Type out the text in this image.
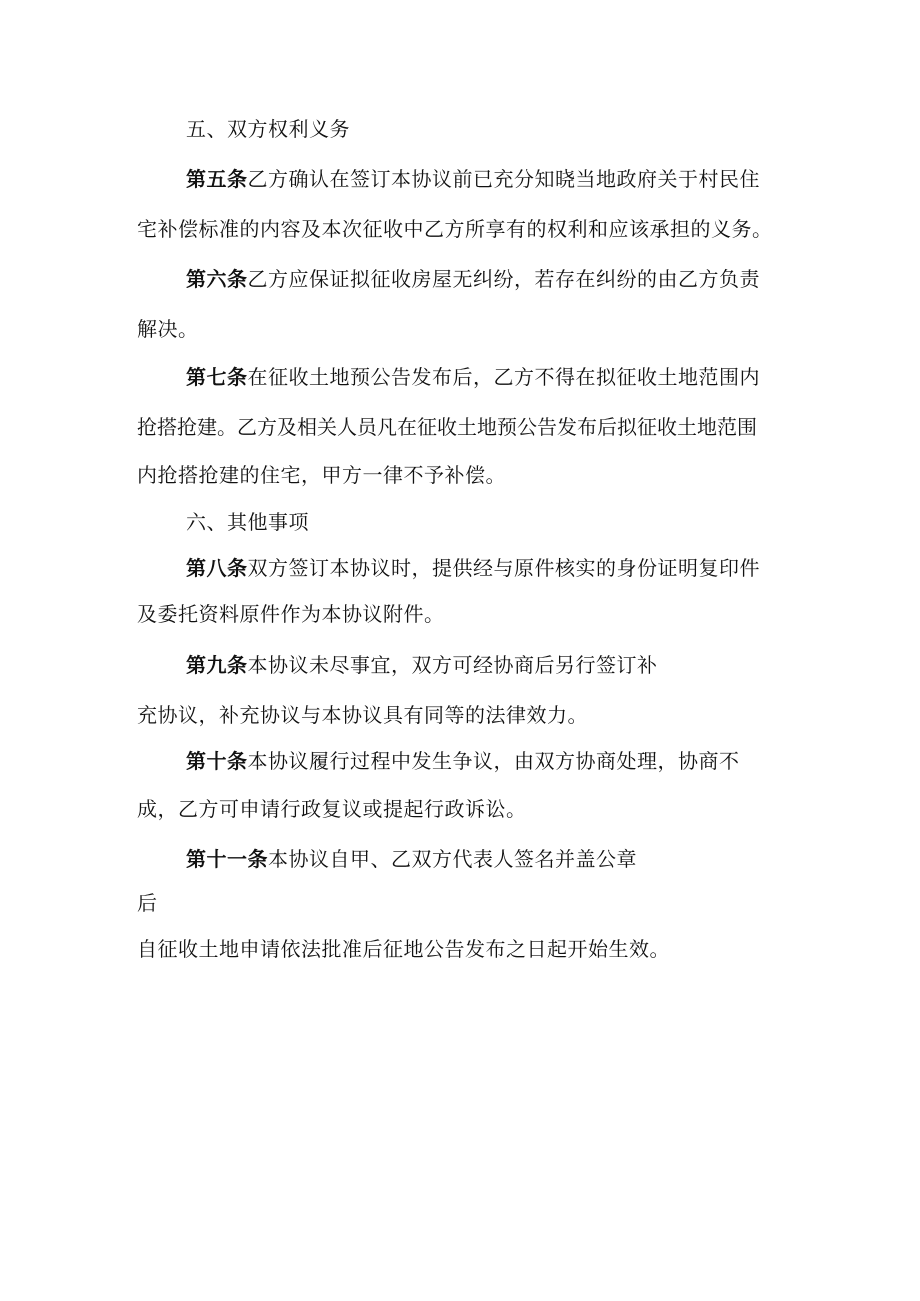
五、双方权利义务
第五条乙方确认在签订本协议前已充分知晓当地政府关于村民住
宅补偿标准的内容及本次征收中乙方所享有的权利和应该承担的义务。
第六条乙方应保证拟征收房屋无纠纷，若存在纠纷的由乙方负责
解决。
第七条在征收土地预公告发布后，乙方不得在拟征收土地范围内
抢搭抢建。乙方及相关人员凡在征收土地预公告发布后拟征收土地范围
内抢搭抢建的住宅，甲方一律不予补偿。
六、其他事项
第八条双方签订本协议时，提供经与原件核实的身份证明复印件
及委托资料原件作为本协议附件。
第九条本协议未尽事宜，双方可经协商后另行签订补
充协议，补充协议与本协议具有同等的法律效力。
第十条本协议履行过程中发生争议，由双方协商处理，协商不
成，乙方可申请行政复议或提起行政诉讼。
第十一条本协议自甲、乙双方代表人签名并盖公章
后
自征收土地申请依法批准后征地公告发布之日起开始生效。
